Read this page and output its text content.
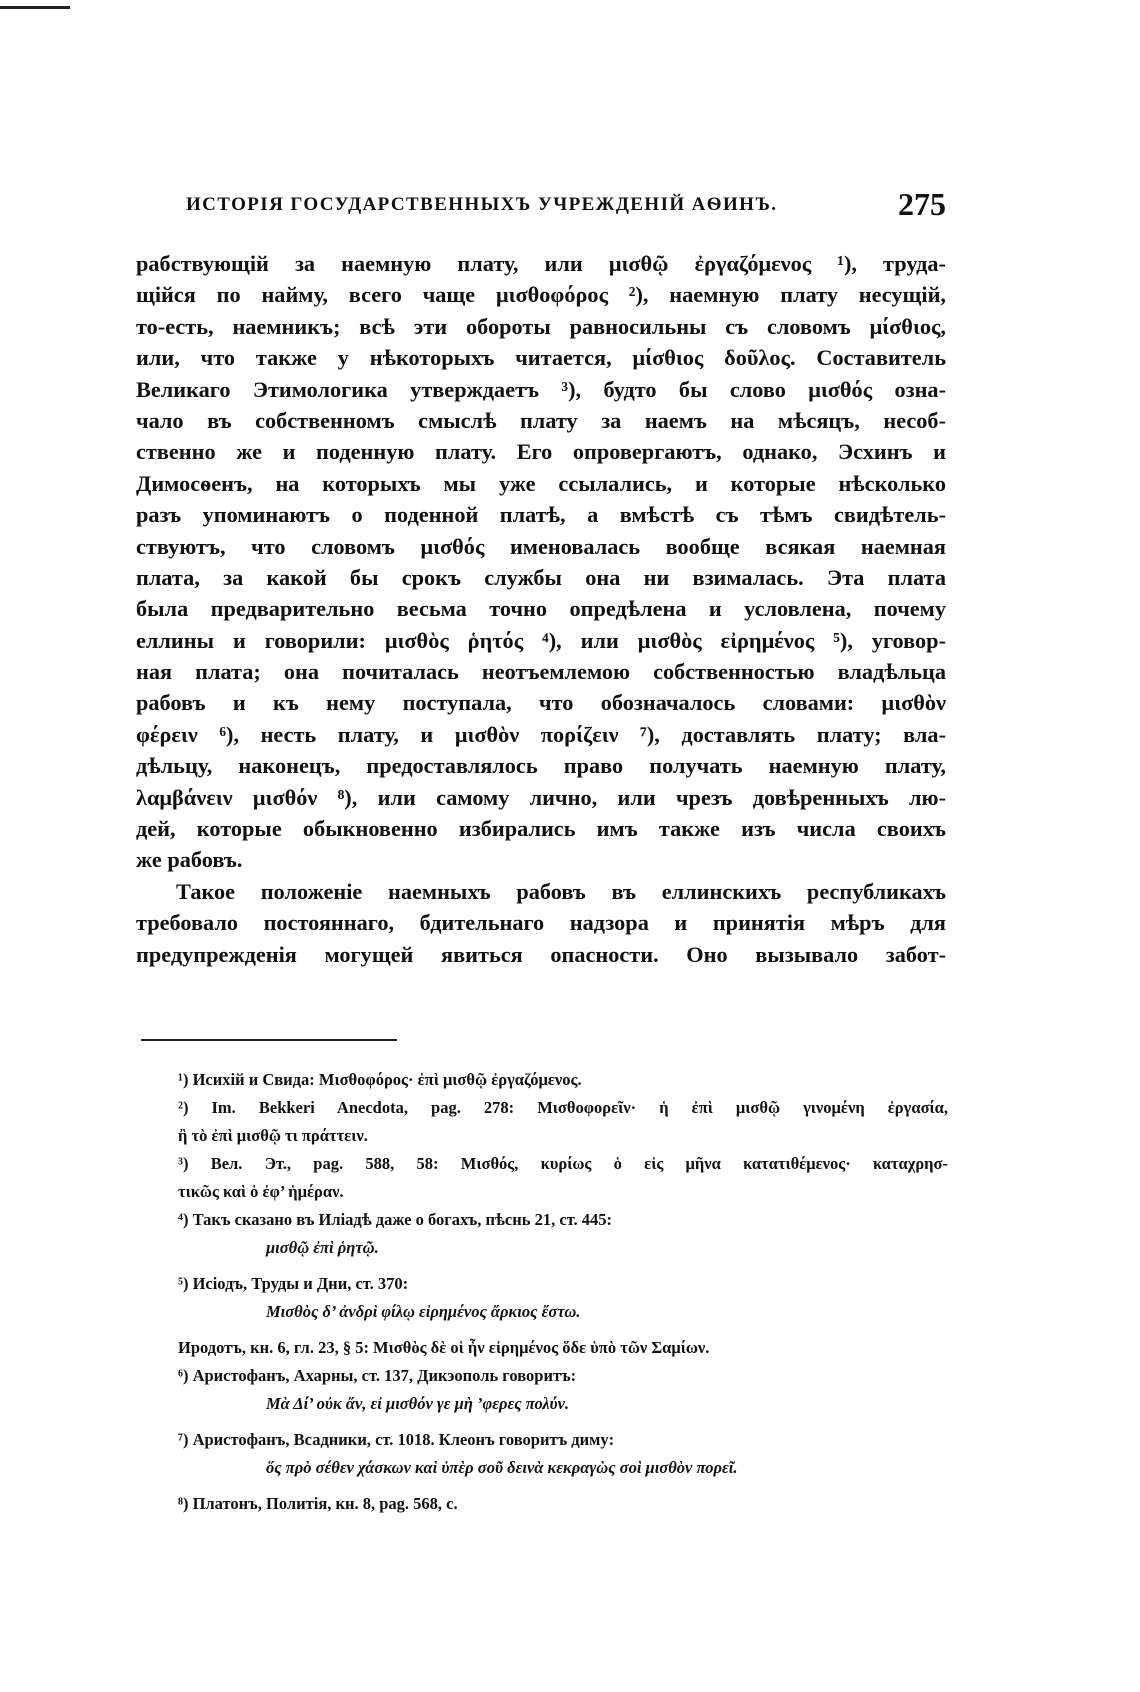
ИСТОРІЯ ГОСУДАРСТВЕННЫХЪ УЧРЕЖДЕНІЙ АѲИНЪ.	275
рабствующій за наемную плату, или μισθῷ ἐργαζόμενος ¹), труда-
щійся по найму, всего чаще μισθοφόρος ²), наемную плату несущій,
то-есть, наемникъ; всѣ эти обороты равносильны съ словомъ μίσθιος,
или, что также у нѣкоторыхъ читается, μίσθιος δοῦλος. Составитель
Великаго Этимологика утверждаетъ ³), будто бы слово μισθός озна-
чало въ собственномъ смыслѣ плату за наемъ на мѣсяцъ, несоб-
ственно же и поденную плату. Его опровергаютъ, однако, Эсхинъ и
Димосѳенъ, на которыхъ мы уже ссылались, и которые нѣсколько
разъ упоминаютъ о поденной платѣ, а вмѣстѣ съ тѣмъ свидѣтель-
ствуютъ, что словомъ μισθός именовалась вообще всякая наемная
плата, за какой бы срокъ службы она ни взималась. Эта плата
была предварительно весьма точно опредѣлена и условлена, почему
еллины и говорили: μισθὸς ῥητός ⁴), или μισθὸς εἰρημένος ⁵), уговор-
ная плата; она почиталась неотъемлемою собственностью владѣльца
рабовъ и къ нему поступала, что обозначалось словами: μισθὸν
φέρειν ⁶), несть плату, и μισθὸν πορίζειν ⁷), доставлять плату; вла-
дѣльцу, наконецъ, предоставлялось право получать наемную плату,
λαμβάνειν μισθόν ⁸), или самому лично, или чрезъ довѣренныхъ лю-
дей, которые обыкновенно избирались имъ также изъ числа своихъ
же рабовъ.
Такое положеніе наемныхъ рабовъ въ еллинскихъ республикахъ
требовало постояннаго, бдительнаго надзора и принятія мѣръ для
предупрежденія могущей явиться опасности. Оно вызывало забот-
¹) Исихій и Свида: Μισθοφόρος· ἐπὶ μισθῷ ἐργαζόμενος.
²) Im. Bekkeri Anecdota, pag. 278: Μισθοφορεῖν· ἡ ἐπὶ μισθῷ γινομένη ἐργασία,
ἢ τὸ ἐπὶ μισθῷ τι πράττειν.
³) Вел. Эт., pag. 588, 58: Μισθός, κυρίως ὁ εἰς μῆνα κατατιθέμενος· καταχρησ-
τικῶς καὶ ὁ ἐφ’ ἡμέραν.
⁴) Такъ сказано въ Иліадѣ даже о богахъ, пѣснь 21, ст. 445:
μισθῷ ἐπὶ ῥητῷ.
⁵) Исіодъ, Труды и Дни, ст. 370:
Μισθὸς δ’ ἀνδρὶ φίλῳ εἰρημένος ἄρκιος ἔστω.
Иродотъ, кн. 6, гл. 23, § 5: Μισθὸς δὲ οἱ ἦν εἰρημένος ὅδε ὑπὸ τῶν Σαμίων.
⁶) Аристофанъ, Ахарны, ст. 137, Дикэополь говоритъ:
Μὰ Δί’ οὐκ ἄν, εἰ μισθόν γε μὴ ’φερες πολύν.
⁷) Аристофанъ, Всадники, ст. 1018. Клеонъ говоритъ димy:
ὅς πρὸ σέθεν χάσκων καὶ ὑπὲρ σοῦ δεινὰ κεκραγὼς σοὶ μισθὸν πορεῖ.
⁸) Платонъ, Политія, кн. 8, pag. 568, c.
